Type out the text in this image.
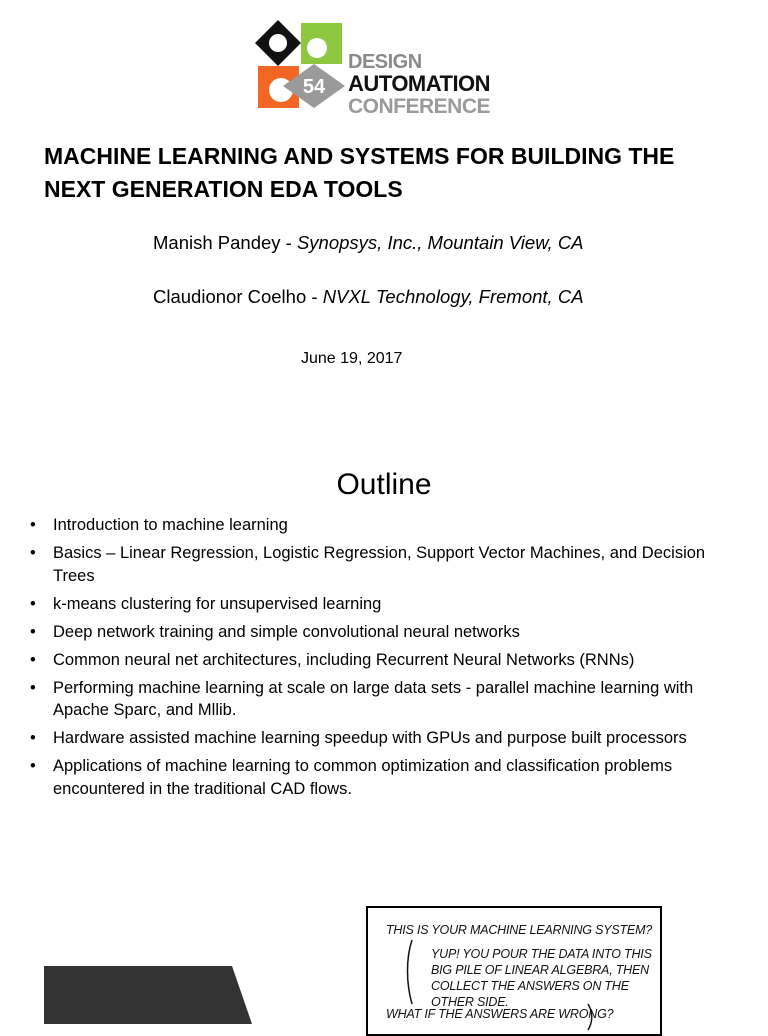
54
DESIGN
AUTOMATION
CONFERENCE
MACHINE LEARNING AND SYSTEMS FOR BUILDING THE NEXT GENERATION EDA TOOLS
Manish Pandey - Synopsys, Inc., Mountain View, CA
Claudionor Coelho - NVXL Technology, Fremont, CA
June 19, 2017
Outline
• Introduction to machine learning
• Basics – Linear Regression, Logistic Regression, Support Vector Machines, and Decision Trees
• k-means clustering for unsupervised learning
• Deep network training and simple convolutional neural networks
• Common neural net architectures, including Recurrent Neural Networks (RNNs)
• Performing machine learning at scale on large data sets - parallel machine learning with Apache Sparc, and Mllib.
• Hardware assisted machine learning speedup with GPUs and purpose built processors
• Applications of machine learning to common optimization and classification problems encountered in the traditional CAD flows.
THIS IS YOUR MACHINE LEARNING SYSTEM?
YUP! YOU POUR THE DATA INTO THIS BIG PILE OF LINEAR ALGEBRA, THEN COLLECT THE ANSWERS ON THE OTHER SIDE.
WHAT IF THE ANSWERS ARE WRONG?
